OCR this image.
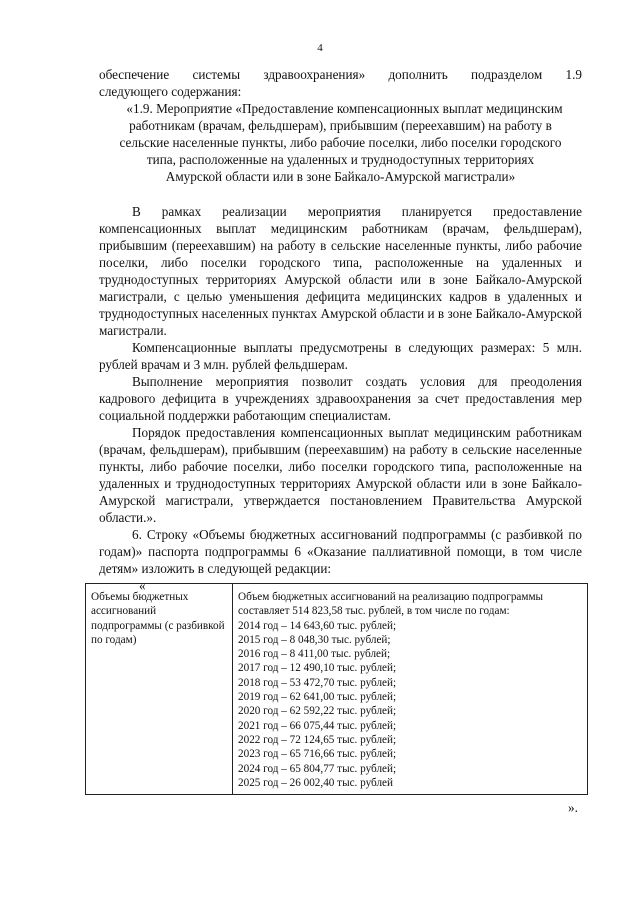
4

обеспечение системы здравоохранения» дополнить подразделом 1.9

следующего содержания:

«1.9. Мероприятие «Предоставление компенсационных выплат медицинским

работникам (врачам, фельдшерам), прибывшим (переехавшим) на работу в

сельские населенные пункты, либо рабочие поселки, либо поселки городского

типа, расположенные на удаленных и труднодоступных территориях

Амурской области или в зоне Байкало-Амурской магистрали»

В рамках реализации мероприятия планируется предоставление компенсационных выплат медицинским работникам (врачам, фельдшерам), прибывшим (переехавшим) на работу в сельские населенные пункты, либо рабочие поселки, либо поселки городского типа, расположенные на удаленных и труднодоступных территориях Амурской области или в зоне Байкало-Амурской магистрали, с целью уменьшения дефицита медицинских кадров в удаленных и труднодоступных населенных пунктах Амурской области и в зоне Байкало-Амурской магистрали.

Компенсационные выплаты предусмотрены в следующих размерах: 5 млн. рублей врачам и 3 млн. рублей фельдшерам.

Выполнение мероприятия позволит создать условия для преодоления кадрового дефицита в учреждениях здравоохранения за счет предоставления мер социальной поддержки работающим специалистам.

Порядок предоставления компенсационных выплат медицинским работникам (врачам, фельдшерам), прибывшим (переехавшим) на работу в сельские населенные пункты, либо рабочие поселки, либо поселки городского типа, расположенные на удаленных и труднодоступных территориях Амурской области или в зоне Байкало-Амурской магистрали, утверждается постановлением Правительства Амурской области.».

6. Строку «Объемы бюджетных ассигнований подпрограммы (с разбивкой по годам)» паспорта подпрограммы 6 «Оказание паллиативной помощи, в том числе детям» изложить в следующей редакции:

«
Объемы бюджетных ассигнований подпрограммы (с разбивкой по годам)	
Объем бюджетных ассигнований на реализацию подпрограммы составляет 514 823,58 тыс. рублей, в том числе по годам:
2014 год – 14 643,60 тыс. рублей;
2015 год – 8 048,30 тыс. рублей;
2016 год – 8 411,00 тыс. рублей;
2017 год – 12 490,10 тыс. рублей;
2018 год – 53 472,70 тыс. рублей;
2019 год – 62 641,00 тыс. рублей;
2020 год – 62 592,22 тыс. рублей;
2021 год – 66 075,44 тыс. рублей;
2022 год – 72 124,65 тыс. рублей;
2023 год – 65 716,66 тыс. рублей;
2024 год – 65 804,77 тыс. рублей;
2025 год – 26 002,40 тыс. рублей
».
